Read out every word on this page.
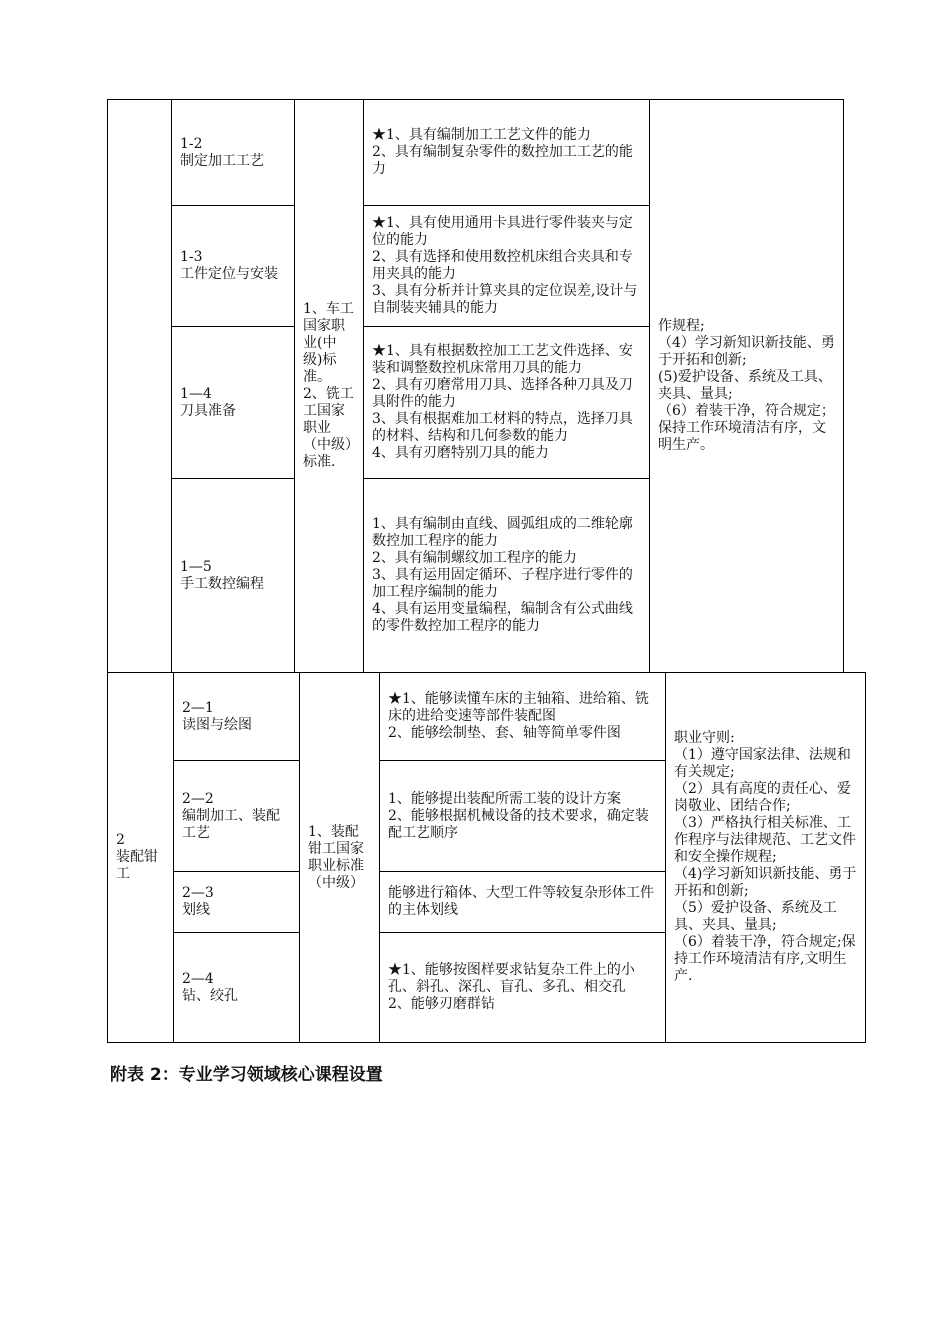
1-2
制定加工工艺
1-3
工件定位与安装
1—4
刀具准备
1—5
手工数控编程
1、车工国家职业(中级)标准。
2、铣工工国家职业（中级）标准.
★1、具有编制加工工艺文件的能力
2、具有编制复杂零件的数控加工工艺的能力
★1、具有使用通用卡具进行零件装夹与定位的能力
2、具有选择和使用数控机床组合夹具和专用夹具的能力
3、具有分析并计算夹具的定位误差,设计与自制装夹辅具的能力
★1、具有根据数控加工工艺文件选择、安装和调整数控机床常用刀具的能力
2、具有刃磨常用刀具、选择各种刀具及刀具附件的能力
3、具有根据难加工材料的特点，选择刀具的材料、结构和几何参数的能力
4、具有刃磨特别刀具的能力
1、具有编制由直线、圆弧组成的二维轮廓数控加工程序的能力
2、具有编制螺纹加工程序的能力
3、具有运用固定循环、子程序进行零件的加工程序编制的能力
4、具有运用变量编程，编制含有公式曲线的零件数控加工程序的能力
作规程;
（4）学习新知识新技能、勇于开拓和创新;
(5)爱护设备、系统及工具、夹具、量具;
（6）着装干净，符合规定；保持工作环境清洁有序，文明生产。
2
装配钳工
2—1
读图与绘图
2—2
编制加工、装配工艺
2—3
划线
2—4
钻、绞孔
1、装配钳工国家职业标准
（中级）
★1、能够读懂车床的主轴箱、进给箱、铣床的进给变速等部件装配图
2、能够绘制垫、套、轴等简单零件图
1、能够提出装配所需工装的设计方案
2、能够根据机械设备的技术要求，确定装配工艺顺序
能够进行箱体、大型工件等较复杂形体工件的主体划线
★1、能够按图样要求钻复杂工件上的小孔、斜孔、深孔、盲孔、多孔、相交孔
2、能够刃磨群钻
职业守则:
（1）遵守国家法律、法规和有关规定;
（2）具有高度的责任心、爱岗敬业、团结合作;
（3）严格执行相关标准、工作程序与法律规范、工艺文件和安全操作规程;
（4)学习新知识新技能、勇于开拓和创新;
（5）爱护设备、系统及工具、夹具、量具;
（6）着装干净，符合规定;保持工作环境清洁有序,文明生产.
附表 2：专业学习领域核心课程设置
